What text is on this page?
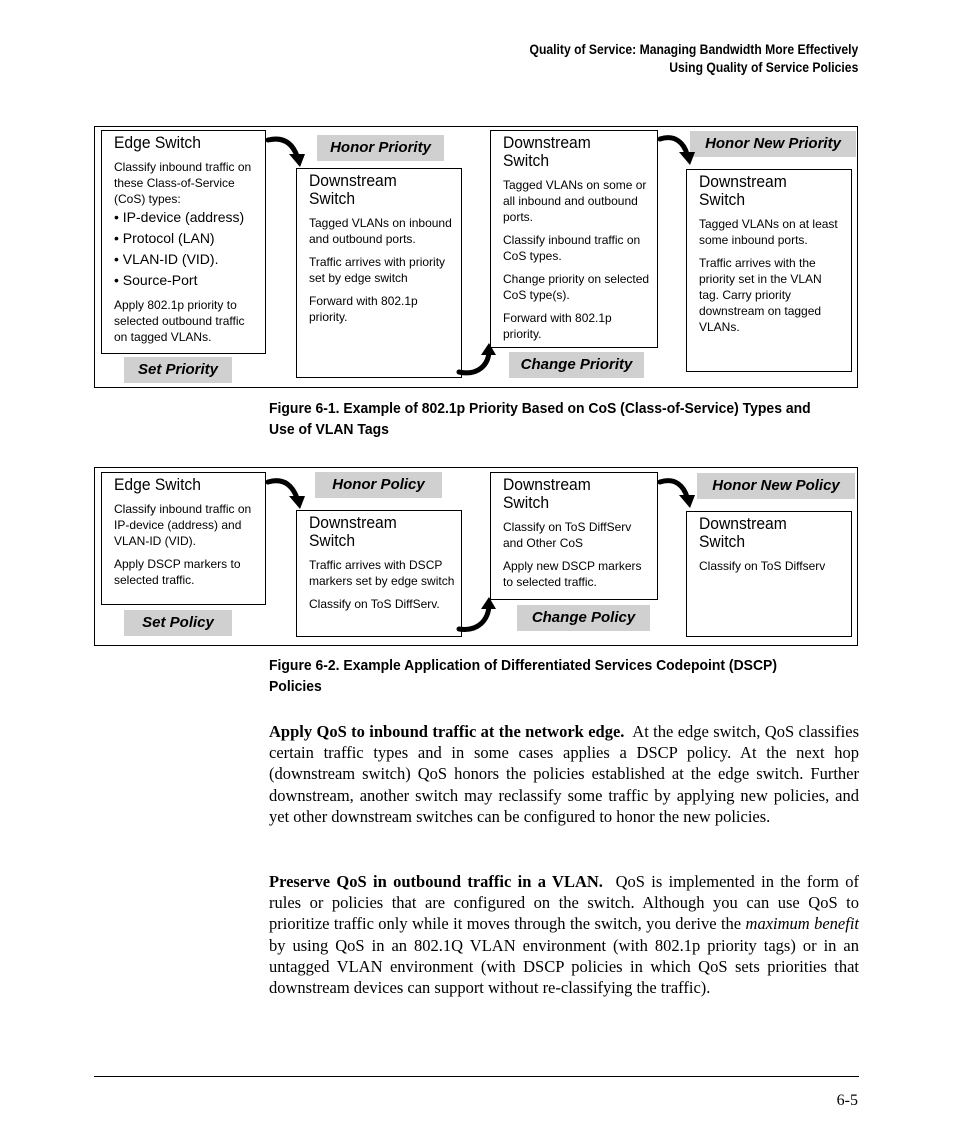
Quality of Service: Managing Bandwidth More Effectively
Using Quality of Service Policies
Edge Switch
Classify inbound traffic on these Class-of-Service (CoS) types:
• IP-device (address)
• Protocol (LAN)
• VLAN-ID (VID).
• Source-Port
Apply 802.1p priority to selected outbound traffic on tagged VLANs.
Downstream
Switch
Tagged VLANs on inbound and outbound ports.
Traffic arrives with priority set by edge switch
Forward with 802.1p priority.
Downstream
Switch
Tagged VLANs on some or all inbound and outbound ports.
Classify inbound traffic on CoS types.
Change priority on selected CoS type(s).
Forward with 802.1p priority.
Downstream
Switch
Tagged VLANs on at least some inbound ports.
Traffic arrives with the priority set in the VLAN tag. Carry priority downstream on tagged VLANs.
Set Priority
Honor Priority
Change Priority
Honor New Priority
Figure 6-1. Example of 802.1p Priority Based on CoS (Class-of-Service) Types and Use of VLAN Tags
Edge Switch
Classify inbound traffic on IP-device (address) and VLAN-ID (VID).
Apply DSCP markers to selected traffic.
Downstream
Switch
Traffic arrives with DSCP markers set by edge switch
Classify on ToS DiffServ.
Downstream
Switch
Classify on ToS DiffServ and Other CoS
Apply new DSCP markers to selected traffic.
Downstream
Switch
Classify on ToS Diffserv
Set Policy
Honor Policy
Change Policy
Honor New Policy
Figure 6-2. Example Application of Differentiated Services Codepoint (DSCP) Policies
Apply QoS to inbound traffic at the network edge. At the edge switch, QoS classifies certain traffic types and in some cases applies a DSCP policy. At the next hop (downstream switch) QoS honors the policies established at the edge switch. Further downstream, another switch may reclassify some traffic by applying new policies, and yet other downstream switches can be configured to honor the new policies.
Preserve QoS in outbound traffic in a VLAN. QoS is implemented in the form of rules or policies that are configured on the switch. Although you can use QoS to prioritize traffic only while it moves through the switch, you derive the maximum benefit by using QoS in an 802.1Q VLAN environment (with 802.1p priority tags) or in an untagged VLAN environment (with DSCP policies in which QoS sets priorities that downstream devices can support without re-classifying the traffic).
6-5
